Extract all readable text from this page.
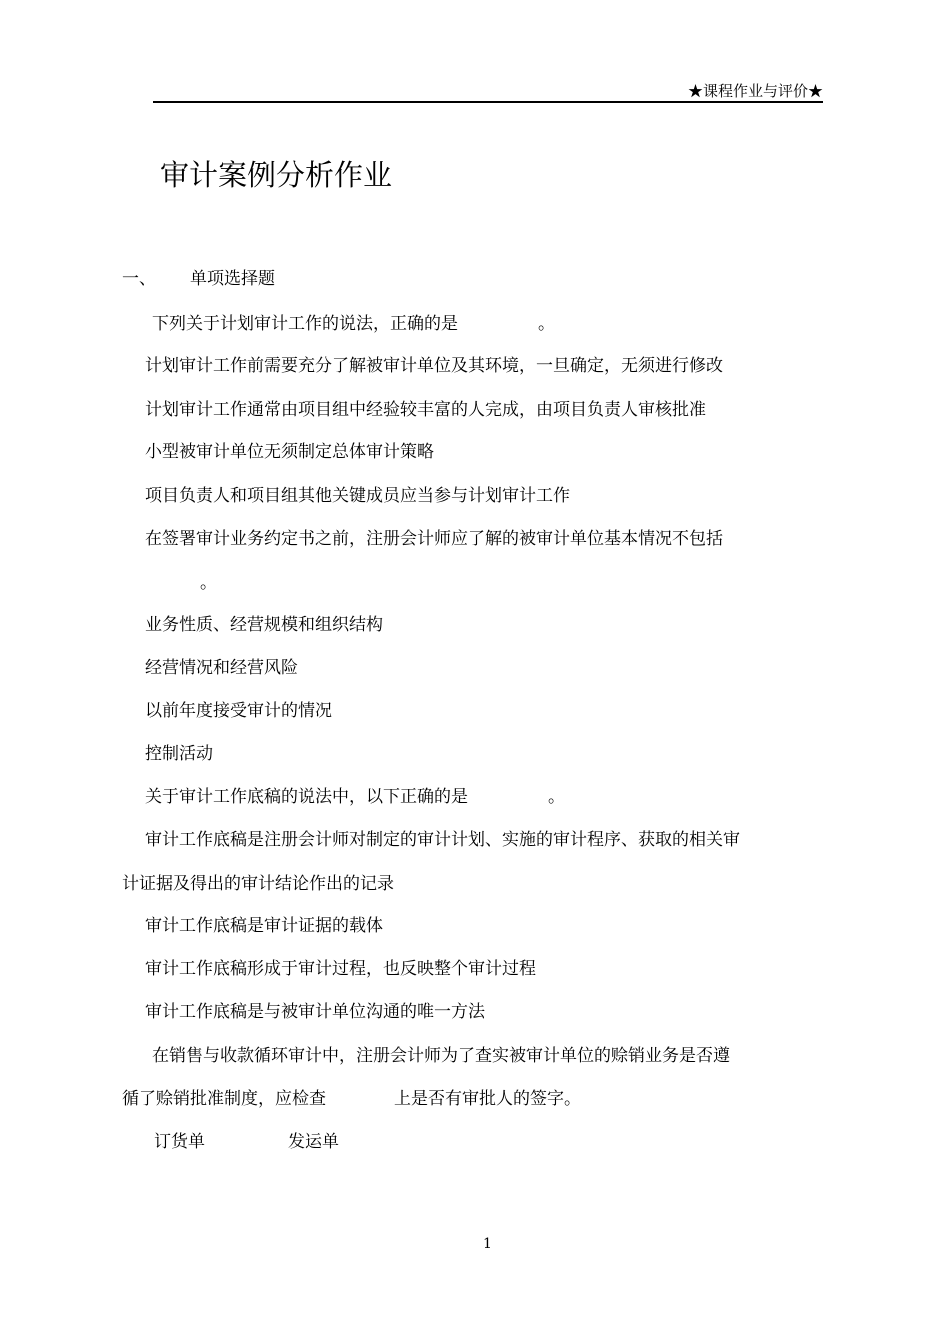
★课程作业与评价★
审计案例分析作业
一、 单项选择题
下列关于计划审计工作的说法，正确的是	。
计划审计工作前需要充分了解被审计单位及其环境，一旦确定，无须进行修改
计划审计工作通常由项目组中经验较丰富的人完成，由项目负责人审核批准
小型被审计单位无须制定总体审计策略
项目负责人和项目组其他关键成员应当参与计划审计工作
在签署审计业务约定书之前，注册会计师应了解的被审计单位基本情况不包括
。
业务性质、经营规模和组织结构
经营情况和经营风险
以前年度接受审计的情况
控制活动
关于审计工作底稿的说法中，以下正确的是	。
审计工作底稿是注册会计师对制定的审计计划、实施的审计程序、获取的相关审
计证据及得出的审计结论作出的记录
审计工作底稿是审计证据的载体
审计工作底稿形成于审计过程，也反映整个审计过程
审计工作底稿是与被审计单位沟通的唯一方法
在销售与收款循环审计中，注册会计师为了查实被审计单位的赊销业务是否遵
循了赊销批准制度，应检查	上是否有审批人的签字。
订货单	发运单
1
